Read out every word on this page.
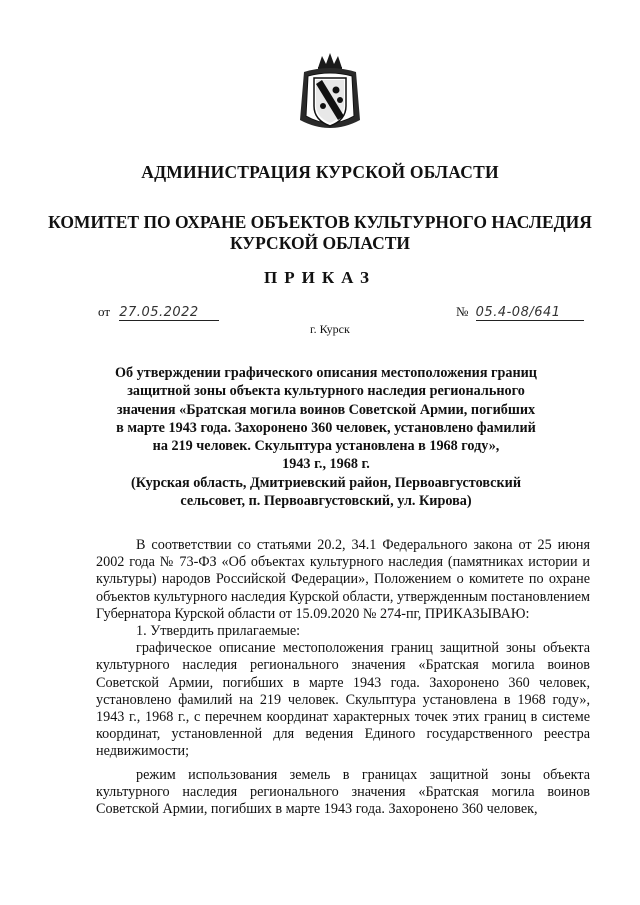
АДМИНИСТРАЦИЯ КУРСКОЙ ОБЛАСТИ
КОМИТЕТ ПО ОХРАНЕ ОБЪЕКТОВ КУЛЬТУРНОГО НАСЛЕДИЯ
КУРСКОЙ ОБЛАСТИ
ПРИКАЗ
от 27.05.2022	№ 05.4-08/641
г. Курск
Об утверждении графического описания местоположения границ
защитной зоны объекта культурного наследия регионального
значения «Братская могила воинов Советской Армии, погибших
в марте 1943 года. Захоронено 360 человек, установлено фамилий
на 219 человек. Скульптура установлена в 1968 году»,
1943 г., 1968 г.
(Курская область, Дмитриевский район, Первоавгустовский
сельсовет, п. Первоавгустовский, ул. Кирова)

В соответствии со статьями 20.2, 34.1 Федерального закона от 25 июня 2002 года № 73-ФЗ «Об объектах культурного наследия (памятниках истории и культуры) народов Российской Федерации», Положением о комитете по охране объектов культурного наследия Курской области, утвержденным постановлением Губернатора Курской области от 15.09.2020 № 274-пг, ПРИКАЗЫВАЮ:

1. Утвердить прилагаемые:

графическое описание местоположения границ защитной зоны объекта культурного наследия регионального значения «Братская могила воинов Советской Армии, погибших в марте 1943 года. Захоронено 360 человек, установлено фамилий на 219 человек. Скульптура установлена в 1968 году», 1943 г., 1968 г., с перечнем координат характерных точек этих границ в системе координат, установленной для ведения Единого государственного реестра недвижимости;

режим использования земель в границах защитной зоны объекта культурного наследия регионального значения «Братская могила воинов Советской Армии, погибших в марте 1943 года. Захоронено 360 человек,
